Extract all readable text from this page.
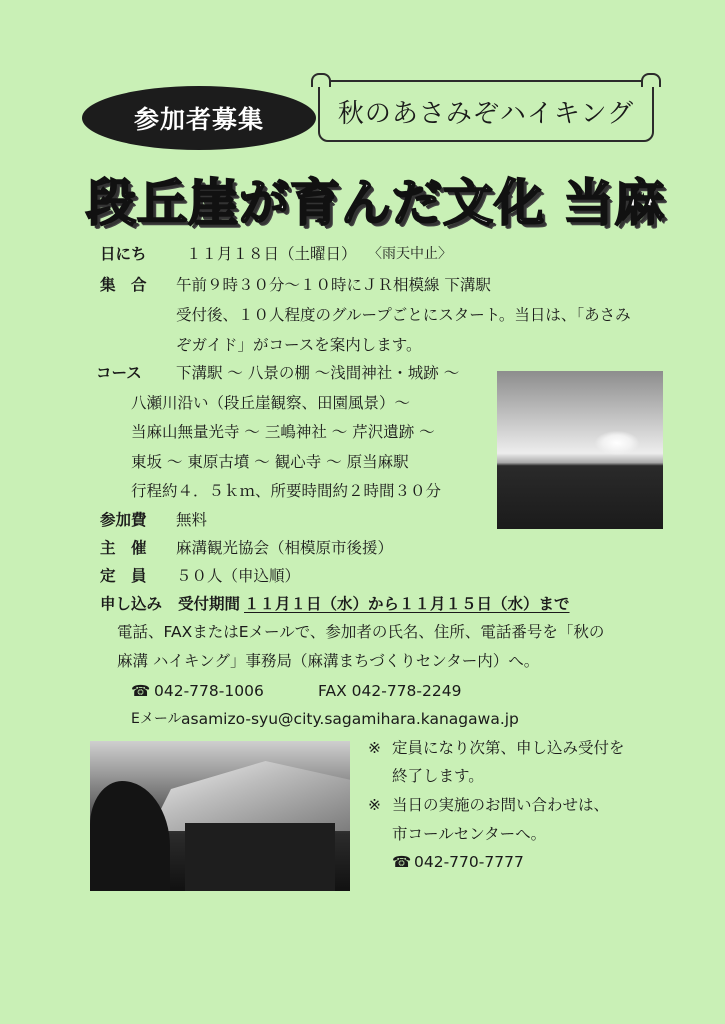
参加者募集	秋のあさみぞハイキング
段丘崖が育んだ文化 当麻
日にち	１１月１８日（土曜日） 〈雨天中止〉
集　合 午前９時３０分～１０時にＪＲ相模線 下溝駅
受付後、１０人程度のグループごとにスタート。当日は、「あさみ
ぞガイド」がコースを案内します。
コース 下溝駅 ～ 八景の棚 ～浅間神社・城跡 ～
八瀬川沿い（段丘崖観察、田園風景）～
当麻山無量光寺 ～ 三嶋神社 ～ 芹沢遺跡 ～
東坂 ～ 東原古墳 ～ 観心寺 ～ 原当麻駅
行程約４．５ｋｍ、所要時間約２時間３０分
参加費 無料
主　催 麻溝観光協会（相模原市後援）
定　員 ５０人（申込順）
申し込み 受付期間 １１月１日（水）から１１月１５日（水）まで
電話、FAXまたはEメールで、参加者の氏名、住所、電話番号を「秋の
麻溝 ハイキング」事務局（麻溝まちづくりセンター内）へ。
☎ 042-778-1006	FAX 042-778-2249
Eメール asamizo-syu@city.sagamihara.kanagawa.jp
※ 定員になり次第、申し込み受付を
終了します。
※ 当日の実施のお問い合わせは、
市コールセンターへ。
☎ 042-770-7777
